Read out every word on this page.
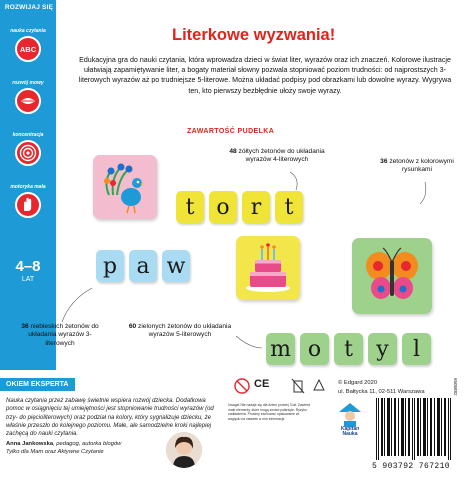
ROZWIJAJ SIĘ
nauka czytania
ABC
rozwój mowy
koncentracja
motoryka mała
4–8
LAT
Literkowe wyzwania!
Edukacyjna gra do nauki czytania, która wprowadza dzieci w świat liter, wyrazów oraz ich znaczeń. Kolorowe ilustracje ułatwiają zapamiętywanie liter, a bogaty materiał słowny pozwala stopniować poziom trudności: od najprostszych 3-literowych wyrazów aż po trudniejsze 5-literowe. Można układać podpisy pod obrazkami lub dowolne wyrazy. Wygrywa ten, kto pierwszy bezbłędnie ułoży swoje wyrazy.
ZAWARTOŚĆ PUDELKA
48 żółtych żetonów do układania wyrazów 4-literowych	36 żetonów z kolorowymi rysunkami
36 niebieskich żetonów do układania wyrazów 3-literowych
60 zielonych żetonów do układania wyrazów 5-literowych
t o r	t
p a w
m o	t	y	l
OKIEM EKSPERTA
Nauka czytania przez zabawę świetnie wspiera rozwój dziecka. Dodatkowa pomoc w osiągnięciu tej umiejętności jest stopniowanie trudności wyrazów (od trzy- do pięcioliterowych) oraz podział na kolory, który sygnalizuje dziecku, że właśnie przeszło do kolejnego poziomu. Małe, ale samodzielne kroki najlepiej zachęcą do nauki czytania.
Anna Jankowska, pedagog, autorka blogów
Tylko dla Mam oraz Aktywne Czytanie
CE
Uwaga! Nie nadaje się dla dzieci poniżej 3 lat. Zawiera małe elementy, które mogą zostać połknięte. Ryzyko zadławienia. Prosimy zachować opakowanie ze względu na zawarte w nim informacje.
© Edgard 2020
ul. Bałtycka 11, 02-511 Warszawa
Kapitan
Nauka
5 903792 767210
6505882
